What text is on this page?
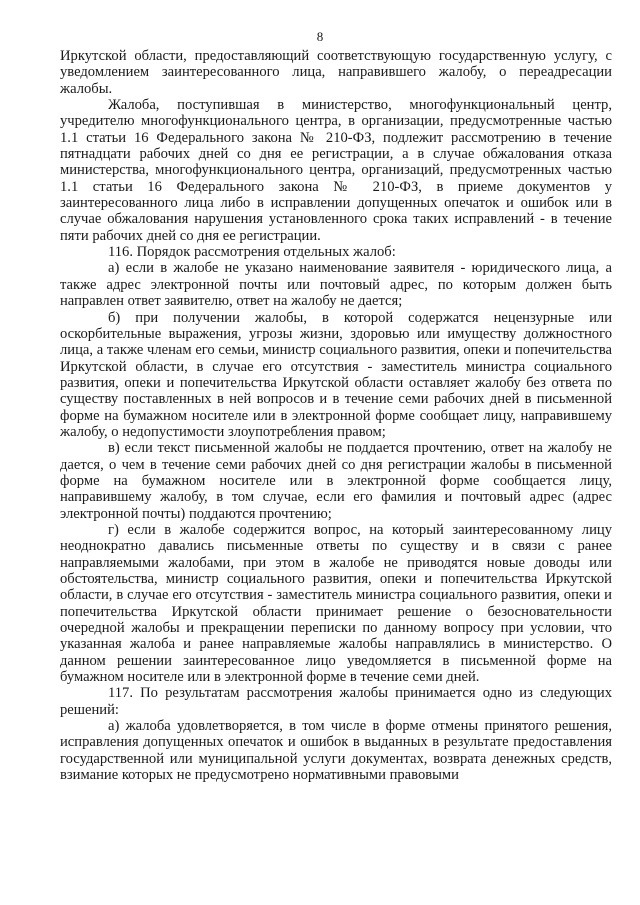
8

Иркутской области, предоставляющий соответствующую государственную услугу, с уведомлением заинтересованного лица, направившего жалобу, о переадресации жалобы.

Жалоба, поступившая в министерство, многофункциональный центр, учредителю многофункционального центра, в организации, предусмотренные частью 1.1 статьи 16 Федерального закона № 210-ФЗ, подлежит рассмотрению в течение пятнадцати рабочих дней со дня ее регистрации, а в случае обжалования отказа министерства, многофункционального центра, организаций, предусмотренных частью 1.1 статьи 16 Федерального закона № 210-ФЗ, в приеме документов у заинтересованного лица либо в исправлении допущенных опечаток и ошибок или в случае обжалования нарушения установленного срока таких исправлений - в течение пяти рабочих дней со дня ее регистрации.

116. Порядок рассмотрения отдельных жалоб:

а) если в жалобе не указано наименование заявителя - юридического лица, а также адрес электронной почты или почтовый адрес, по которым должен быть направлен ответ заявителю, ответ на жалобу не дается;

б) при получении жалобы, в которой содержатся нецензурные или оскорбительные выражения, угрозы жизни, здоровью или имуществу должностного лица, а также членам его семьи, министр социального развития, опеки и попечительства Иркутской области, в случае его отсутствия - заместитель министра социального развития, опеки и попечительства Иркутской области оставляет жалобу без ответа по существу поставленных в ней вопросов и в течение семи рабочих дней в письменной форме на бумажном носителе или в электронной форме сообщает лицу, направившему жалобу, о недопустимости злоупотребления правом;

в) если текст письменной жалобы не поддается прочтению, ответ на жалобу не дается, о чем в течение семи рабочих дней со дня регистрации жалобы в письменной форме на бумажном носителе или в электронной форме сообщается лицу, направившему жалобу, в том случае, если его фамилия и почтовый адрес (адрес электронной почты) поддаются прочтению;

г) если в жалобе содержится вопрос, на который заинтересованному лицу неоднократно давались письменные ответы по существу и в связи с ранее направляемыми жалобами, при этом в жалобе не приводятся новые доводы или обстоятельства, министр социального развития, опеки и попечительства Иркутской области, в случае его отсутствия - заместитель министра социального развития, опеки и попечительства Иркутской области принимает решение о безосновательности очередной жалобы и прекращении переписки по данному вопросу при условии, что указанная жалоба и ранее направляемые жалобы направлялись в министерство. О данном решении заинтересованное лицо уведомляется в письменной форме на бумажном носителе или в электронной форме в течение семи дней.

117. По результатам рассмотрения жалобы принимается одно из следующих решений:

а) жалоба удовлетворяется, в том числе в форме отмены принятого решения, исправления допущенных опечаток и ошибок в выданных в результате предоставления государственной или муниципальной услуги документах, возврата денежных средств, взимание которых не предусмотрено нормативными правовыми
